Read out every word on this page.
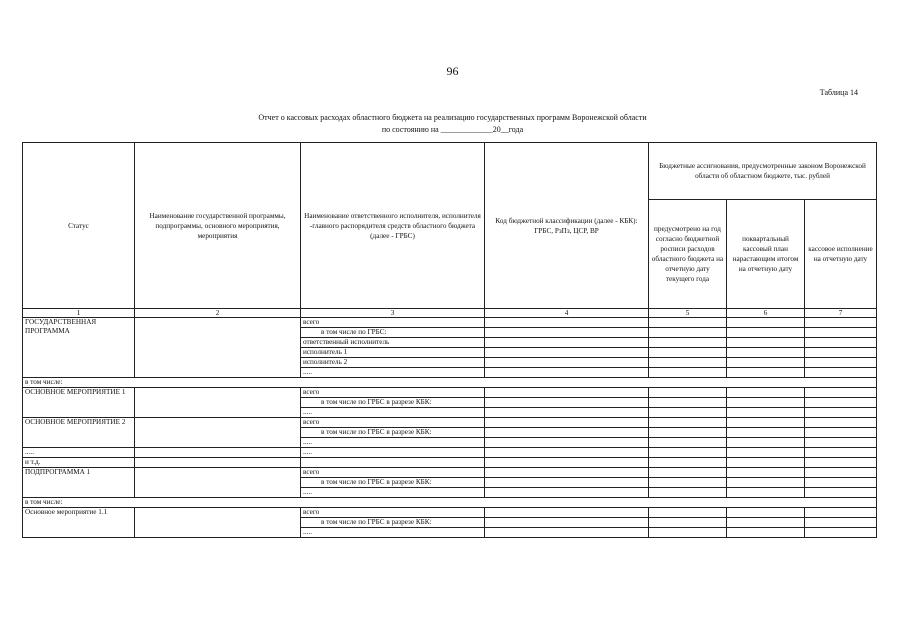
96
Таблица 14
Отчет о кассовых расходах областного бюджета на реализацию государственных программ Воронежской области
по состоянию на _____________20__года
Статус	Наименование государственной программы, подпрограммы, основного мероприятия, мероприятия	Наименование ответственного исполнителя, исполнителя -главного распорядителя средств областного бюджета (далее - ГРБС)	Код бюджетной классификации (далее - КБК): ГРБС, РзПз, ЦСР, ВР	Бюджетные ассигнования, предусмотренные законом Воронежской области об областном бюджете, тыс. рублей		
				предусмотрено на год согласно бюджетной росписи расходов областного бюджета на отчетную дату текущего года	поквартальный кассовый план нарастающим итогом на отчетную дату	кассовое исполнение на отчетную дату
1	2	3	4	5	6	7
ГОСУДАРСТВЕННАЯ ПРОГРАММА		всего				
		в том числе по ГРБС:				
		ответственный исполнитель				
		исполнитель 1				
		исполнитель 2				
		.....				
в том числе:						
ОСНОВНОЕ МЕРОПРИЯТИЕ 1		всего				
		в том числе по ГРБС в разрезе КБК:				
		.....				
ОСНОВНОЕ МЕРОПРИЯТИЕ 2		всего				
		в том числе по ГРБС в разрезе КБК:				
		.....				
.....		.....				
и т.д.						
ПОДПРОГРАММА 1		всего				
		в том числе по ГРБС в разрезе КБК:				
		.....				
в том числе:						
Основное мероприятие 1.1		всего				
		в том числе по ГРБС в разрезе КБК:				
		.....				
